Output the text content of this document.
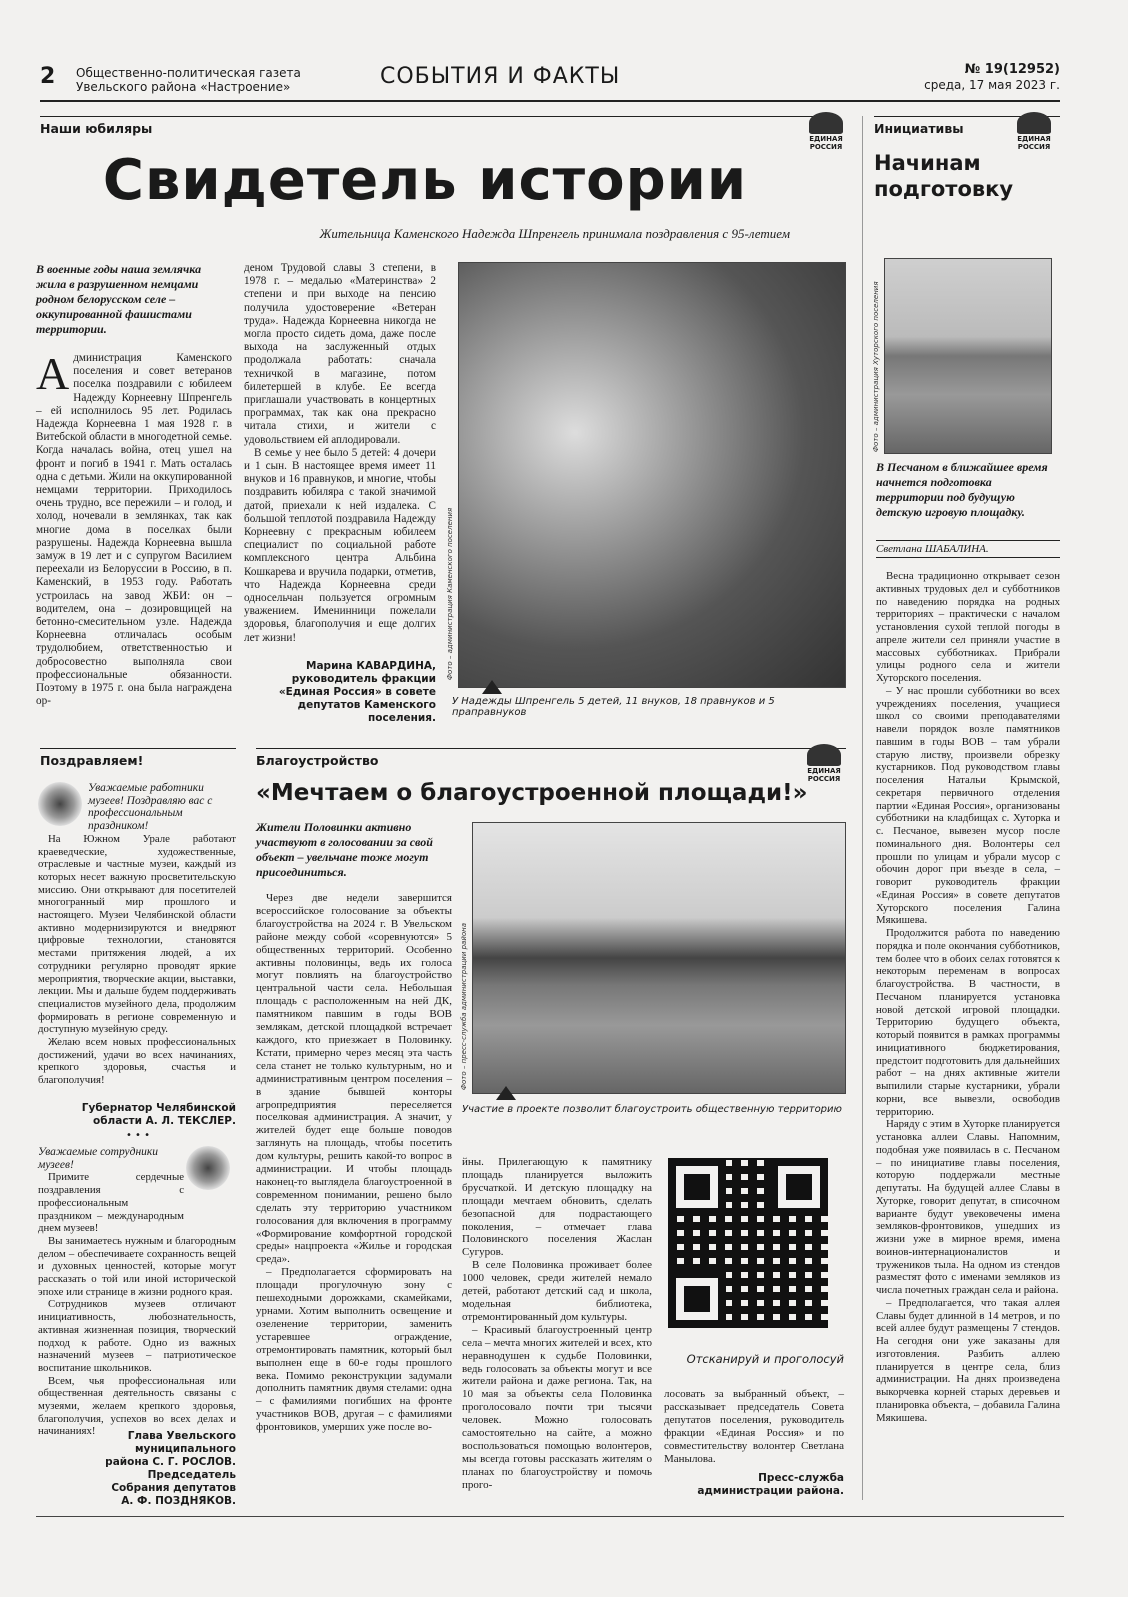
2 Общественно-политическая газета Увельского района «Настроение»	СОБЫТИЯ И ФАКТЫ	№ 19(12952)
среда, 17 мая 2023 г.
Наши юбиляры
ЕДИНАЯ РОССИЯ
Свидетель истории
Жительница Каменского Надежда Шпренгель принимала поздравления с 95-летием
В военные годы наша землячка жила в разрушенном немцами родном белорусском селе – оккупированной фашистами территории.
Администрация Каменского поселения и совет ветеранов поселка поздравили с юбилеем Надежду Корнеевну Шпренгель – ей исполнилось 95 лет. Родилась Надежда Корнеевна 1 мая 1928 г. в Витебской области в многодетной семье. Когда началась война, отец ушел на фронт и погиб в 1941 г. Мать осталась одна с детьми. Жили на оккупированной немцами территории. Приходилось очень трудно, все пережили – и голод, и холод, ночевали в землянках, так как многие дома в поселках были разрушены. Надежда Корнеевна вышла замуж в 19 лет и с супругом Василием переехали из Белоруссии в Россию, в п. Каменский, в 1953 году. Работать устроилась на завод ЖБИ: он – водителем, она – дозировщицей на бетонно-смесительном узле. Надежда Корнеевна отличалась особым трудолюбием, ответственностью и добросовестно выполняла свои профессиональные обязанности. Поэтому в 1975 г. она была награждена ор-

деном Трудовой славы 3 степени, в 1978 г. – медалью «Материнства» 2 степени и при выходе на пенсию получила удостоверение «Ветеран труда». Надежда Корнеевна никогда не могла просто сидеть дома, даже после выхода на заслуженный отдых продолжала работать: сначала техничкой в магазине, потом билетершей в клубе. Ее всегда приглашали участвовать в концертных программах, так как она прекрасно читала стихи, и жители с удовольствием ей аплодировали.

В семье у нее было 5 детей: 4 дочери и 1 сын. В настоящее время имеет 11 внуков и 16 правнуков, и многие, чтобы поздравить юбиляра с такой значимой датой, приехали к ней издалека. С большой теплотой поздравила Надежду Корнеевну с прекрасным юбилеем специалист по социальной работе комплексного центра Альбина Кошкарева и вручила подарки, отметив, что Надежда Корнеевна среди односельчан пользуется огромным уважением. Именинници пожелали здоровья, благополучия и еще долгих лет жизни!

Марина КАВАРДИНА, руководитель фракции «Единая Россия» в совете депутатов Каменского поселения.
Фото – администрация Каменского поселения
У Надежды Шпренгель 5 детей, 11 внуков, 18 правнуков и 5 праправнуков
Инициативы
ЕДИНАЯ РОССИЯ
Начинам подготовку
Фото – администрация Хуторского поселения
В Песчаном в ближайшее время начнется подготовка территории под будущую детскую игровую площадку.
Светлана ШАБАЛИНА.

Весна традиционно открывает сезон активных трудовых дел и субботников по наведению порядка на родных территориях – практически с началом установления сухой теплой погоды в апреле жители сел приняли участие в массовых субботниках. Прибрали улицы родного села и жители Хуторского поселения.

– У нас прошли субботники во всех учреждениях поселения, учащиеся школ со своими преподавателями навели порядок возле памятников павшим в годы ВОВ – там убрали старую листву, произвели обрезку кустарников. Под руководством главы поселения Натальи Крымской, секретаря первичного отделения партии «Единая Россия», организованы субботники на кладбищах с. Хуторка и с. Песчаное, вывезен мусор после поминального дня. Волонтеры сел прошли по улицам и убрали мусор с обочин дорог при въезде в села, – говорит руководитель фракции «Единая Россия» в совете депутатов Хуторского поселения Галина Мякишева.

Продолжится работа по наведению порядка и поле окончания субботников, тем более что в обоих селах готовятся к некоторым переменам в вопросах благоустройства. В частности, в Песчаном планируется установка новой детской игровой площадки. Территорию будущего объекта, который появится в рамках программы инициативного бюджетирования, предстоит подготовить для дальнейших работ – на днях активные жители выпилили старые кустарники, убрали корни, все вывезли, освободив территорию.

Наряду с этим в Хуторке планируется установка аллеи Славы. Напомним, подобная уже появилась в с. Песчаном – по инициативе главы поселения, которую поддержали местные депутаты. На будущей аллее Славы в Хуторке, говорит депутат, в списочном варианте будут увековечены имена земляков-фронтовиков, ушедших из жизни уже в мирное время, имена воинов-интернационалистов и тружеников тыла. На одном из стендов разместят фото с именами земляков из числа почетных граждан села и района.

– Предполагается, что такая аллея Славы будет длинной в 14 метров, и по всей аллее будут размещены 7 стендов. На сегодня они уже заказаны для изготовления. Разбить аллею планируется в центре села, близ администрации. На днях произведена выкорчевка корней старых деревьев и планировка объекта, – добавила Галина Мякишева.

Поздравляем!

Уважаемые работники музеев! Поздравляю вас с профессиональным праздником!

На Южном Урале работают краеведческие, художественные, отраслевые и частные музеи, каждый из которых несет важную просветительскую миссию. Они открывают для посетителей многогранный мир прошлого и настоящего. Музеи Челябинской области активно модернизируются и внедряют цифровые технологии, становятся местами притяжения людей, а их сотрудники регулярно проводят яркие мероприятия, творческие акции, выставки, лекции. Мы и дальше будем поддерживать специалистов музейного дела, продолжим формировать в регионе современную и доступную музейную среду.

Желаю всем новых профессиональных достижений, удачи во всех начинаниях, крепкого здоровья, счастья и благополучия!

Губернатор Челябинской области А. Л. ТЕКСЛЕР.
• • •

Уважаемые сотрудники музеев!

Примите сердечные поздравления с профессиональным праздником – международным днем музеев!

Вы занимаетесь нужным и благородным делом – обеспечиваете сохранность вещей и духовных ценностей, которые могут рассказать о той или иной исторической эпохе или странице в жизни родного края.

Сотрудников музеев отличают инициативность, любознательность, активная жизненная позиция, творческий подход к работе. Одно из важных назначений музеев – патриотическое воспитание школьников.

Всем, чья профессиональная или общественная деятельность связаны с музеями, желаем крепкого здоровья, благополучия, успехов во всех делах и начинаниях!	Глава Увельского муниципального района С. Г. РОСЛОВ. Председатель Собрания депутатов А. Ф. ПОЗДНЯКОВ.
Благоустройство
ЕДИНАЯ РОССИЯ
«Мечтаем о благоустроенной площади!»
Жители Половинки активно участвуют в голосовании за свой объект – увельчане тоже могут присоединиться.
Фото – пресс-служба администрации района
Участие в проекте позволит благоустроить общественную территорию

Через две недели завершится всероссийское голосование за объекты благоустройства на 2024 г. В Увельском районе между собой «соревнуются» 5 общественных территорий. Особенно активны половинцы, ведь их голоса могут повлиять на благоустройство центральной части села. Небольшая площадь с расположенным на ней ДК, памятником павшим в годы ВОВ землякам, детской площадкой встречает каждого, кто приезжает в Половинку. Кстати, примерно через месяц эта часть села станет не только культурным, но и административным центром поселения – в здание бывшей конторы агропредприятия переселяется поселковая администрация. А значит, у жителей будет еще больше поводов заглянуть на площадь, чтобы посетить дом культуры, решить какой-то вопрос в администрации. И чтобы площадь наконец-то выглядела благоустроенной в современном понимании, решено было сделать эту территорию участником голосования для включения в программу «Формирование комфортной городской среды» нацпроекта «Жилье и городская среда».

– Предполагается сформировать на площади прогулочную зону с пешеходными дорожками, скамейками, урнами. Хотим выполнить освещение и озеленение территории, заменить устаревшее ограждение, отремонтировать памятник, который был выполнен еще в 60-е годы прошлого века. Помимо реконструкции задумали дополнить памятник двумя стелами: одна – с фамилиями погибших на фронте участников ВОВ, другая – с фамилиями фронтовиков, умерших уже после во-

йны. Прилегающую к памятнику площадь планируется выложить брусчаткой. И детскую площадку на площади мечтаем обновить, сделать безопасной для подрастающего поколения, – отмечает глава Половинского поселения Жаслан Сугуров.

В селе Половинка проживает более 1000 человек, среди жителей немало детей, работают детский сад и школа, модельная библиотека, отремонтированный дом культуры.

– Красивый благоустроенный центр села – мечта многих жителей и всех, кто неравнодушен к судьбе Половинки, ведь голосовать за объекты могут и все жители района и даже региона. Так, на 10 мая за объекты села Половинка проголосовало почти три тысячи человек. Можно голосовать самостоятельно на сайте, а можно воспользоваться помощью волонтеров, мы всегда готовы рассказать жителям о планах по благоустройству и помочь прого-

Отсканируй и проголосуй

лосовать за выбранный объект, – рассказывает председатель Совета депутатов поселения, руководитель фракции «Единая Россия» и по совместительству волонтер Светлана Манылова.

Пресс-служба администрации района.
